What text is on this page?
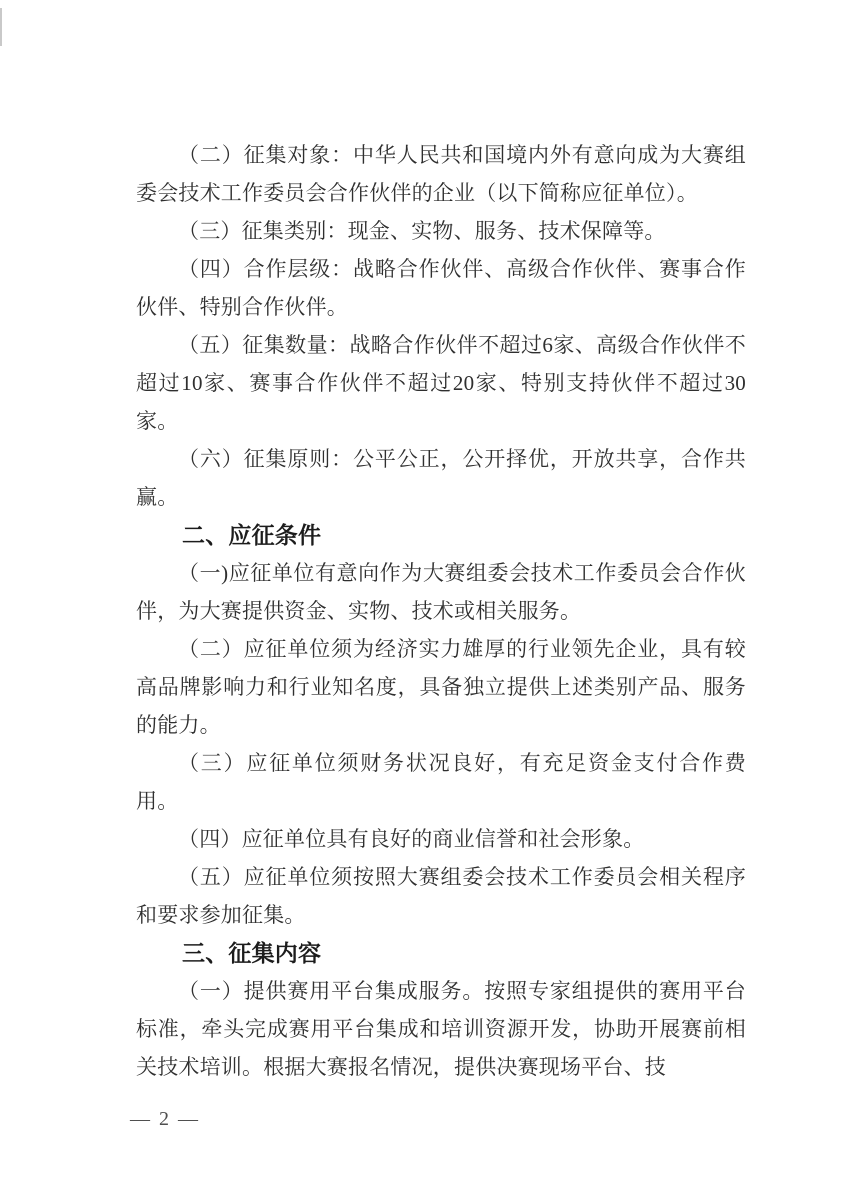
（二）征集对象：中华人民共和国境内外有意向成为大赛组委会技术工作委员会合作伙伴的企业（以下简称应征单位）。

（三）征集类别：现金、实物、服务、技术保障等。

（四）合作层级：战略合作伙伴、高级合作伙伴、赛事合作伙伴、特别合作伙伴。

（五）征集数量：战略合作伙伴不超过6家、高级合作伙伴不超过10家、赛事合作伙伴不超过20家、特别支持伙伴不超过30家。

（六）征集原则：公平公正，公开择优，开放共享，合作共赢。

二、应征条件

（一)应征单位有意向作为大赛组委会技术工作委员会合作伙伴，为大赛提供资金、实物、技术或相关服务。

（二）应征单位须为经济实力雄厚的行业领先企业，具有较高品牌影响力和行业知名度，具备独立提供上述类别产品、服务的能力。

（三）应征单位须财务状况良好，有充足资金支付合作费用。

（四）应征单位具有良好的商业信誉和社会形象。

（五）应征单位须按照大赛组委会技术工作委员会相关程序和要求参加征集。

三、征集内容

（一）提供赛用平台集成服务。按照专家组提供的赛用平台标准，牵头完成赛用平台集成和培训资源开发，协助开展赛前相关技术培训。根据大赛报名情况，提供决赛现场平台、技

— 2 —
